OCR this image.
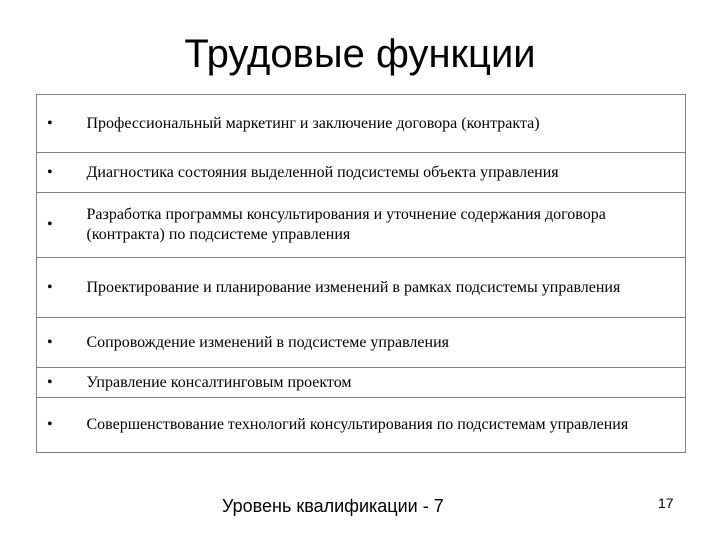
Трудовые функции
•	Профессиональный маркетинг и заключение договора (контракта)
•	Диагностика состояния выделенной подсистемы объекта управления
•	Разработка программы консультирования и уточнение содержания договора (контракта) по подсистеме управления
•	Проектирование и планирование изменений в рамках подсистемы управления
•	Сопровождение изменений в подсистеме управления
•	Управление консалтинговым проектом
•	Совершенствование технологий консультирования по подсистемам управления
Уровень квалификации - 7	17
